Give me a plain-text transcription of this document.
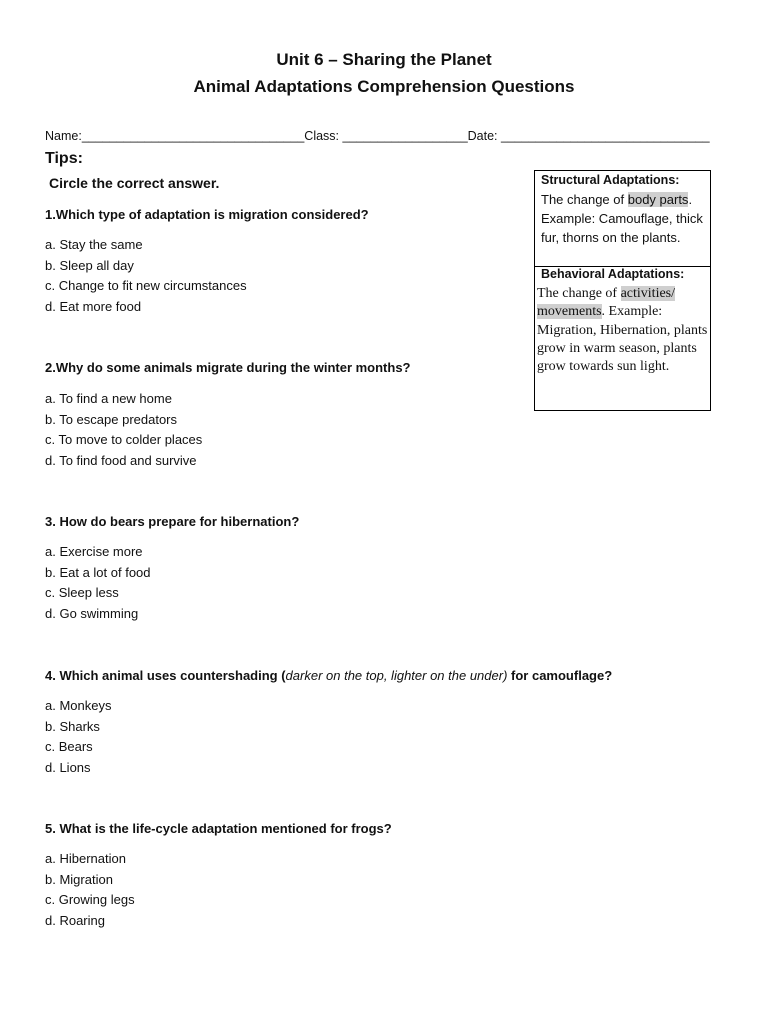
Unit 6 – Sharing the Planet
Animal Adaptations Comprehension Questions
Name:________________________________Class: __________________Date: ______________________________
Tips:
Circle the correct answer.	Structural Adaptations:
The change of body parts. Example: Camouflage, thick fur, thorns on the plants.
Behavioral Adaptations:
The change of activities/ movements. Example: Migration, Hibernation, plants grow in warm season, plants grow towards sun light.
1.Which type of adaptation is migration considered?
a. Stay the same
b. Sleep all day
c. Change to fit new circumstances
d. Eat more food
2.Why do some animals migrate during the winter months?
a. To find a new home
b. To escape predators
c. To move to colder places
d. To find food and survive
3. How do bears prepare for hibernation?
a. Exercise more
b. Eat a lot of food
c. Sleep less
d. Go swimming
4. Which animal uses countershading (darker on the top, lighter on the under) for camouflage?
a. Monkeys
b. Sharks
c. Bears
d. Lions
5. What is the life-cycle adaptation mentioned for frogs?
a. Hibernation
b. Migration
c. Growing legs
d. Roaring
